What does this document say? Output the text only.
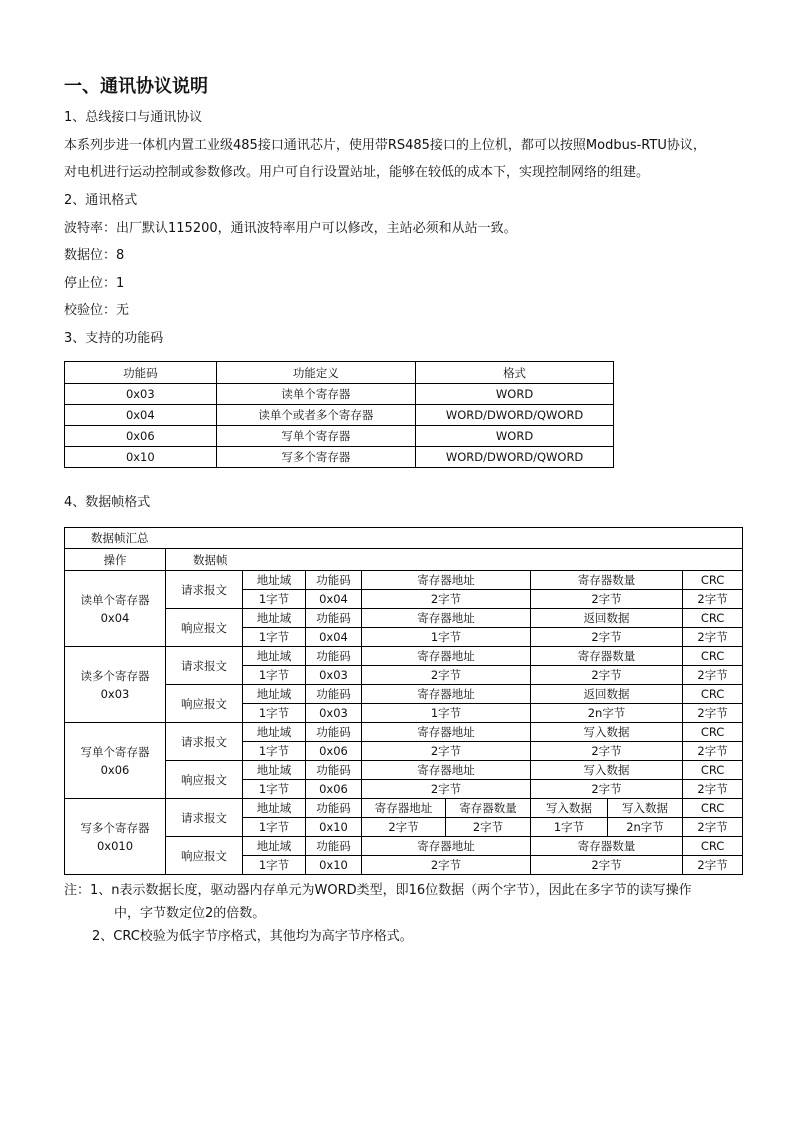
一、通讯协议说明
1、总线接口与通讯协议
本系列步进一体机内置工业级485接口通讯芯片，使用带RS485接口的上位机，都可以按照Modbus-RTU协议，
对电机进行运动控制或参数修改。用户可自行设置站址，能够在较低的成本下，实现控制网络的组建。
2、通讯格式
波特率：出厂默认115200，通讯波特率用户可以修改，主站必须和从站一致。
数据位：8
停止位：1
校验位：无
3、支持的功能码
功能码	功能定义	格式
0x03	读单个寄存器	WORD
0x04	读单个或者多个寄存器	WORD/DWORD/QWORD
0x06	写单个寄存器	WORD
0x10	写多个寄存器	WORD/DWORD/QWORD
4、数据帧格式
数据帧汇总								
操作	数据帧							
读单个寄存器
0x04	请求报文	地址域	功能码	寄存器地址		寄存器数量		CRC
		1字节	0x04	2字节		2字节		2字节
	响应报文	地址域	功能码	寄存器地址		返回数据		CRC
		1字节	0x04	1字节		2字节		2字节
读多个寄存器
0x03	请求报文	地址域	功能码	寄存器地址		寄存器数量		CRC
		1字节	0x03	2字节		2字节		2字节
	响应报文	地址域	功能码	寄存器地址		返回数据		CRC
		1字节	0x03	1字节		2n字节		2字节
写单个寄存器
0x06	请求报文	地址域	功能码	寄存器地址		写入数据		CRC
		1字节	0x06	2字节		2字节		2字节
	响应报文	地址域	功能码	寄存器地址		写入数据		CRC
		1字节	0x06	2字节		2字节		2字节
写多个寄存器
0x010	请求报文	地址域	功能码	寄存器地址	寄存器数量	写入数据	写入数据	CRC
		1字节	0x10	2字节	2字节	1字节	2n字节	2字节
	响应报文	地址域	功能码	寄存器地址		寄存器数量		CRC
		1字节	0x10	2字节		2字节		2字节
注：1、n表示数据长度，驱动器内存单元为WORD类型，即16位数据（两个字节），因此在多字节的读写操作
中，字节数定位2的倍数。
2、CRC校验为低字节序格式，其他均为高字节序格式。
